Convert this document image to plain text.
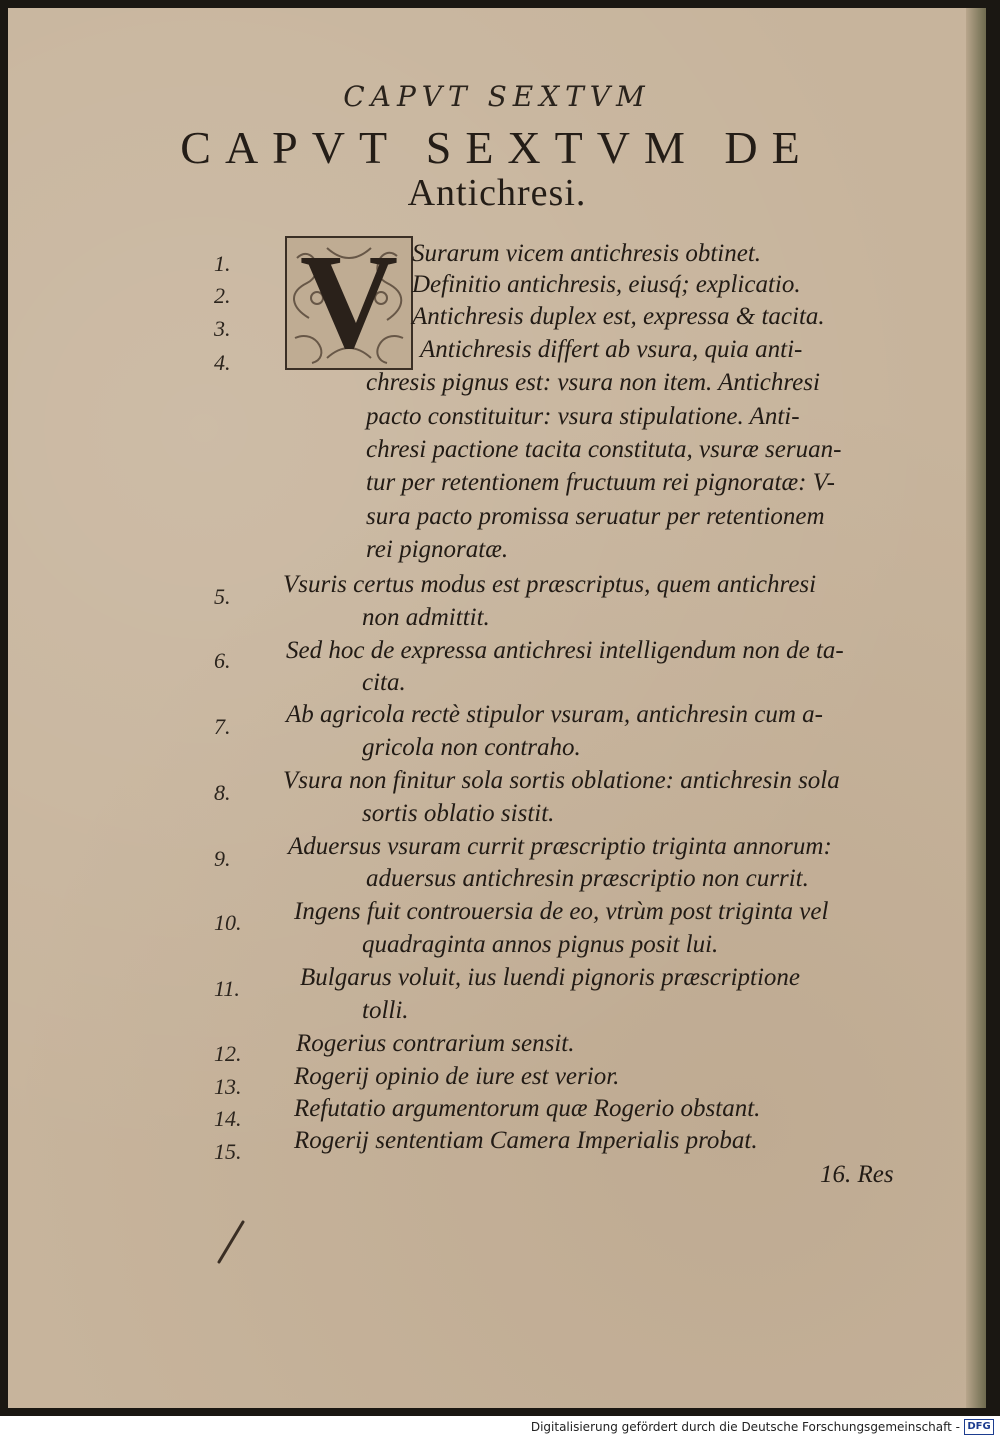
CAPVT SEXTVM
CAPVT SEXTVM DE
Antichresi.
V
1.	Surarum vicem antichresis obtinet.
2.	Definitio antichresis, eiusq́; explicatio.
3.	Antichresis duplex est, expressa & tacita.
4.	Antichresis differt ab vsura, quia anti-
chresis pignus est: vsura non item. Antichresi
pacto constituitur: vsura stipulatione. Anti-
chresi pactione tacita constituta, vsuræ seruan-
tur per retentionem fructuum rei pignoratæ: V-
sura pacto promissa seruatur per retentionem
rei pignoratæ.
5.	Vsuris certus modus est præscriptus, quem antichresi
non admittit.
6.	Sed hoc de expressa antichresi intelligendum non de ta-
cita.
7.	Ab agricola rectè stipulor vsuram, antichresin cum a-
gricola non contraho.
8.	Vsura non finitur sola sortis oblatione: antichresin sola
sortis oblatio sistit.
9.	Aduersus vsuram currit præscriptio triginta annorum:
aduersus antichresin præscriptio non currit.
10.	Ingens fuit controuersia de eo, vtrùm post triginta vel
quadraginta annos pignus posit lui.
11.	Bulgarus voluit, ius luendi pignoris præscriptione
tolli.
12.	Rogerius contrarium sensit.
13.	Rogerij opinio de iure est verior.
14.	Refutatio argumentorum quæ Rogerio obstant.
15.	Rogerij sententiam Camera Imperialis probat.
16. Res
Digitalisierung gefördert durch die Deutsche Forschungsgemeinschaft - DFG
